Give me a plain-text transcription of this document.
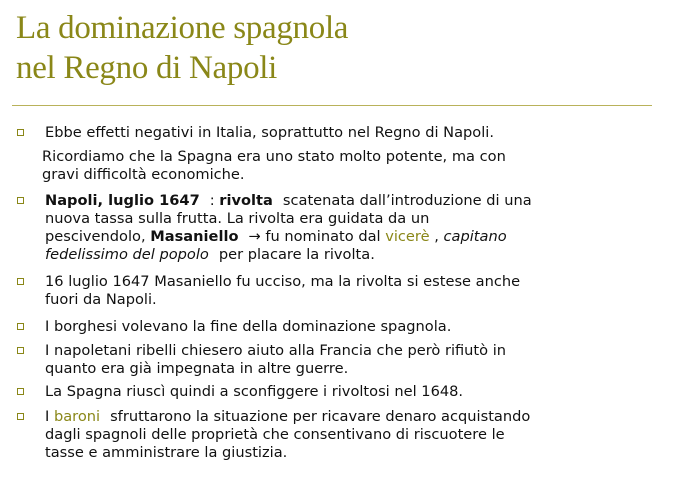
La dominazione spagnola
nel Regno di Napoli
Ebbe effetti negativi in Italia, soprattutto nel Regno di Napoli.
Ricordiamo che la Spagna era uno stato molto potente, ma con
gravi difficoltà economiche.
Napoli, luglio 1647 : rivolta scatenata dall’introduzione di una
nuova tassa sulla frutta. La rivolta era guidata da un
pescivendolo, Masaniello → fu nominato dal vicerè , capitano
fedelissimo del popolo per placare la rivolta.
16 luglio 1647 Masaniello fu ucciso, ma la rivolta si estese anche
fuori da Napoli.
I borghesi volevano la fine della dominazione spagnola.
I napoletani ribelli chiesero aiuto alla Francia che però rifiutò in
quanto era già impegnata in altre guerre.
La Spagna riuscì quindi a sconfiggere i rivoltosi nel 1648.
I baroni sfruttarono la situazione per ricavare denaro acquistando
dagli spagnoli delle proprietà che consentivano di riscuotere le
tasse e amministrare la giustizia.
